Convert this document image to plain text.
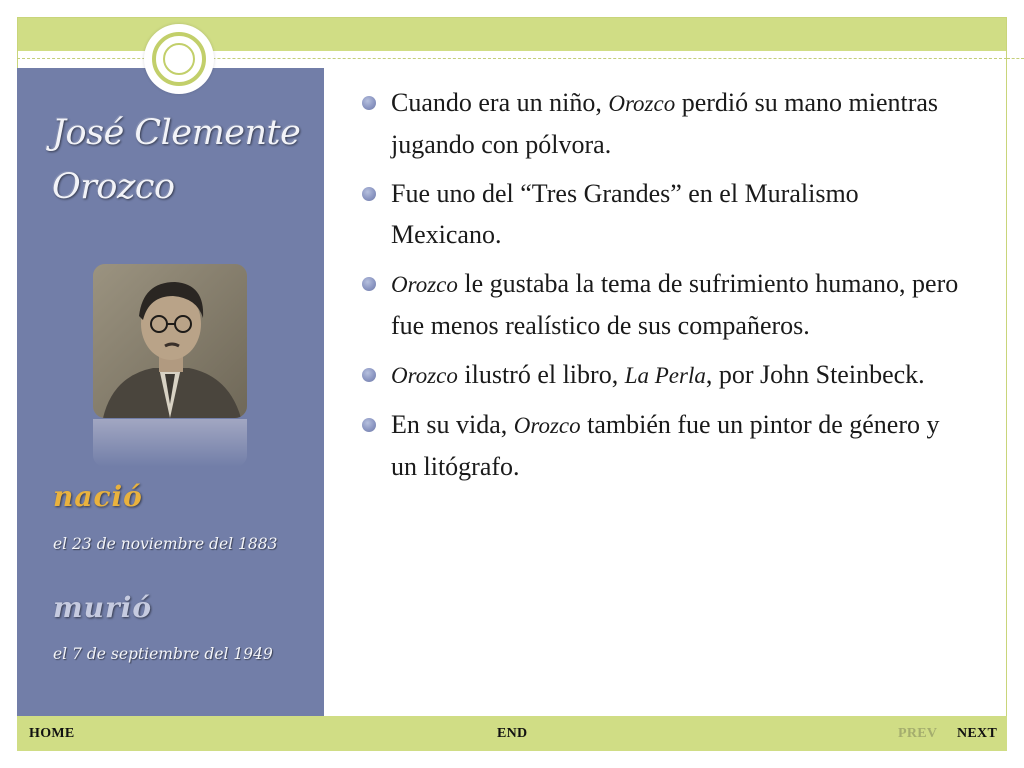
José Clemente
Orozco
nació
el 23 de noviembre del 1883
murió
el 7 de septiembre del 1949
Cuando era un niño, Orozco perdió su mano mientras jugando con pólvora.
Fue uno del “Tres Grandes” en el Muralismo Mexicano.
Orozco le gustaba la tema de sufrimiento humano, pero fue menos realístico de sus compañeros.
Orozco ilustró el libro, La Perla, por John Steinbeck.
En su vida, Orozco también fue un pintor de género y un litógrafo.
HOME	END	PREV NEXT
